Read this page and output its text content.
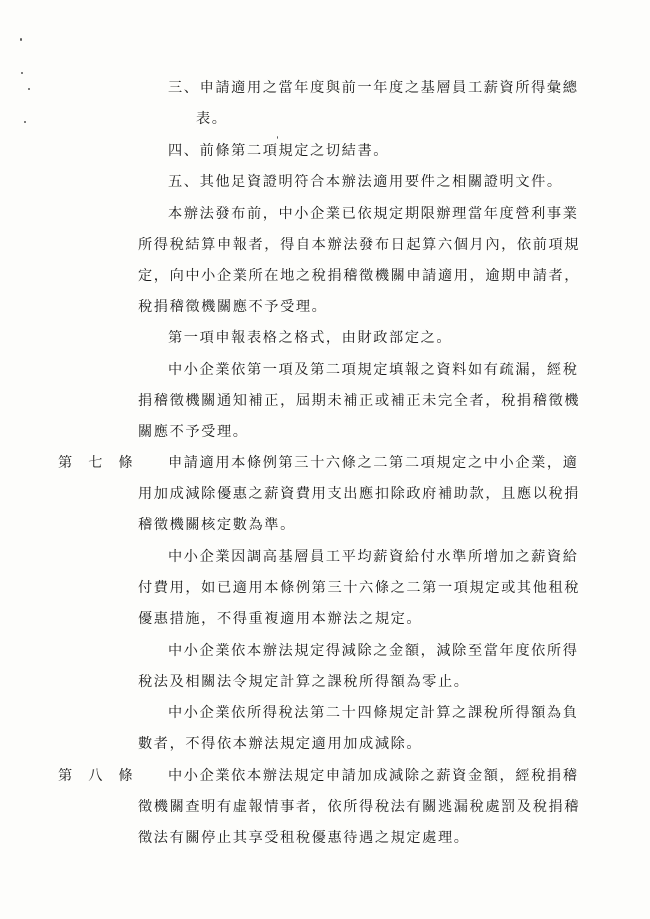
三、申請適用之當年度與前一年度之基層員工薪資所得彙總
表。
四、前條第二項規定之切結書。
五、其他足資證明符合本辦法適用要件之相關證明文件。
本辦法發布前，中小企業已依規定期限辦理當年度營利事業
所得稅結算申報者，得自本辦法發布日起算六個月內，依前項規
定，向中小企業所在地之稅捐稽徵機關申請適用，逾期申請者，
稅捐稽徵機關應不予受理。
第一項申報表格之格式，由財政部定之。
中小企業依第一項及第二項規定填報之資料如有疏漏，經稅
捐稽徵機關通知補正，屆期未補正或補正未完全者，稅捐稽徵機
關應不予受理。
第七條 申請適用本條例第三十六條之二第二項規定之中小企業，適
用加成減除優惠之薪資費用支出應扣除政府補助款，且應以稅捐
稽徵機關核定數為準。
中小企業因調高基層員工平均薪資給付水準所增加之薪資給
付費用，如已適用本條例第三十六條之二第一項規定或其他租稅
優惠措施，不得重複適用本辦法之規定。
中小企業依本辦法規定得減除之金額，減除至當年度依所得
稅法及相關法令規定計算之課稅所得額為零止。
中小企業依所得稅法第二十四條規定計算之課稅所得額為負
數者，不得依本辦法規定適用加成減除。
第八條 中小企業依本辦法規定申請加成減除之薪資金額，經稅捐稽
徵機關查明有虛報情事者，依所得稅法有關逃漏稅處罰及稅捐稽
徵法有關停止其享受租稅優惠待遇之規定處理。
